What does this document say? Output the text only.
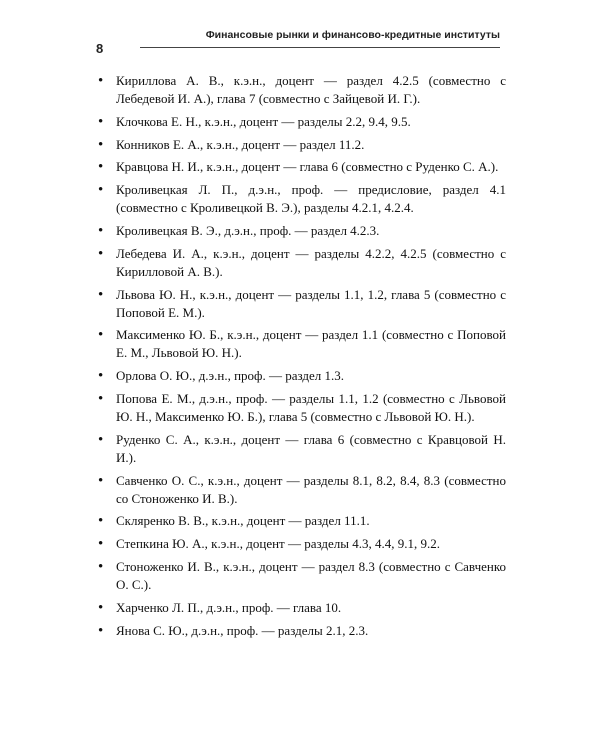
8
Финансовые рынки и финансово-кредитные институты
• Кириллова А. В., к.э.н., доцент — раздел 4.2.5 (совместно с Лебедевой И. А.), глава 7 (совместно с Зайцевой И. Г.).
• Клочкова Е. Н., к.э.н., доцент — разделы 2.2, 9.4, 9.5.
• Конников Е. А., к.э.н., доцент — раздел 11.2.
• Кравцова Н. И., к.э.н., доцент — глава 6 (совместно с Руденко С. А.).
• Кроливецкая Л. П., д.э.н., проф. — предисловие, раздел 4.1 (совместно с Кроливецкой В. Э.), разделы 4.2.1, 4.2.4.
• Кроливецкая В. Э., д.э.н., проф. — раздел 4.2.3.
• Лебедева И. А., к.э.н., доцент — разделы 4.2.2, 4.2.5 (совместно с Кирилловой А. В.).
• Львова Ю. Н., к.э.н., доцент — разделы 1.1, 1.2, глава 5 (совместно с Поповой Е. М.).
• Максименко Ю. Б., к.э.н., доцент — раздел 1.1 (совместно с Поповой Е. М., Львовой Ю. Н.).
• Орлова О. Ю., д.э.н., проф. — раздел 1.3.
• Попова Е. М., д.э.н., проф. — разделы 1.1, 1.2 (совместно с Львовой Ю. Н., Максименко Ю. Б.), глава 5 (совместно с Львовой Ю. Н.).
• Руденко С. А., к.э.н., доцент — глава 6 (совместно с Кравцовой Н. И.).
• Савченко О. С., к.э.н., доцент — разделы 8.1, 8.2, 8.4, 8.3 (совместно со Стоноженко И. В.).
• Скляренко В. В., к.э.н., доцент — раздел 11.1.
• Степкина Ю. А., к.э.н., доцент — разделы 4.3, 4.4, 9.1, 9.2.
• Стоноженко И. В., к.э.н., доцент — раздел 8.3 (совместно с Савченко О. С.).
• Харченко Л. П., д.э.н., проф. — глава 10.
• Янова С. Ю., д.э.н., проф. — разделы 2.1, 2.3.
